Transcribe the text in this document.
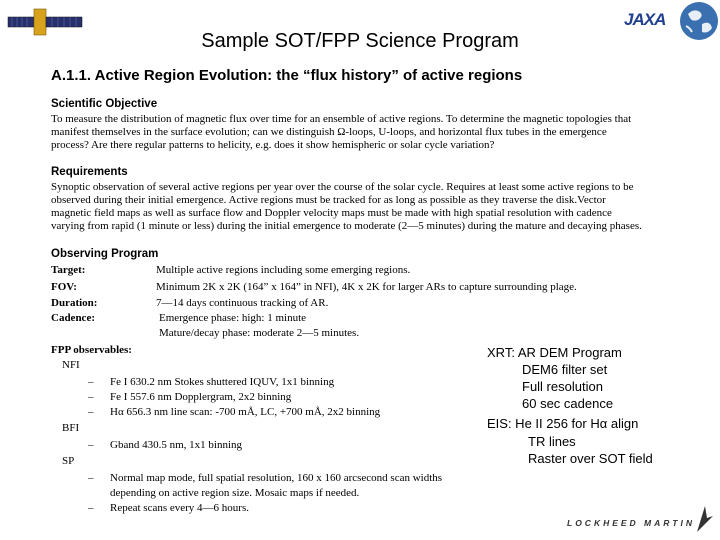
JAXA
Sample SOT/FPP Science Program
A.1.1. Active Region Evolution: the “flux history” of active regions
Scientific Objective
To measure the distribution of magnetic flux over time for an ensemble of active regions. To determine the magnetic topologies that
manifest themselves in the surface evolution; can we distinguish Ω-loops, U-loops, and horizontal flux tubes in the emergence
process? Are there regular patterns to helicity, e.g. does it show hemispheric or solar cycle variation?
Requirements
Synoptic observation of several active regions per year over the course of the solar cycle. Requires at least some active regions to be
observed during their initial emergence. Active regions must be tracked for as long as possible as they traverse the disk.Vector
magnetic field maps as well as surface flow and Doppler velocity maps must be made with high spatial resolution with cadence
varying from rapid (1 minute or less) during the initial emergence to moderate (2—5 minutes) during the mature and decaying phases.
Observing Program
Target:	Multiple active regions including some emerging regions.
FOV:	Minimum 2K x 2K (164” x 164” in NFI), 4K x 2K for larger ARs to capture surrounding plage.
Duration:	7—14 days continuous tracking of AR.
Cadence:	Emergence phase: high: 1 minute
Mature/decay phase: moderate 2—5 minutes.
FPP observables:
NFI
– Fe I 630.2 nm Stokes shuttered IQUV, 1x1 binning
– Fe I 557.6 nm Dopplergram, 2x2 binning
– Hα 656.3 nm line scan: -700 mÅ, LC, +700 mÅ, 2x2 binning
BFI
– Gband 430.5 nm, 1x1 binning
SP
– Normal map mode, full spatial resolution, 160 x 160 arcsecond scan widths
depending on active region size. Mosaic maps if needed.
– Repeat scans every 4—6 hours.
XRT: AR DEM Program
DEM6 filter set
Full resolution
60 sec cadence
EIS: He II 256 for Hα align
TR lines
Raster over SOT field
LOCKHEED MARTIN
